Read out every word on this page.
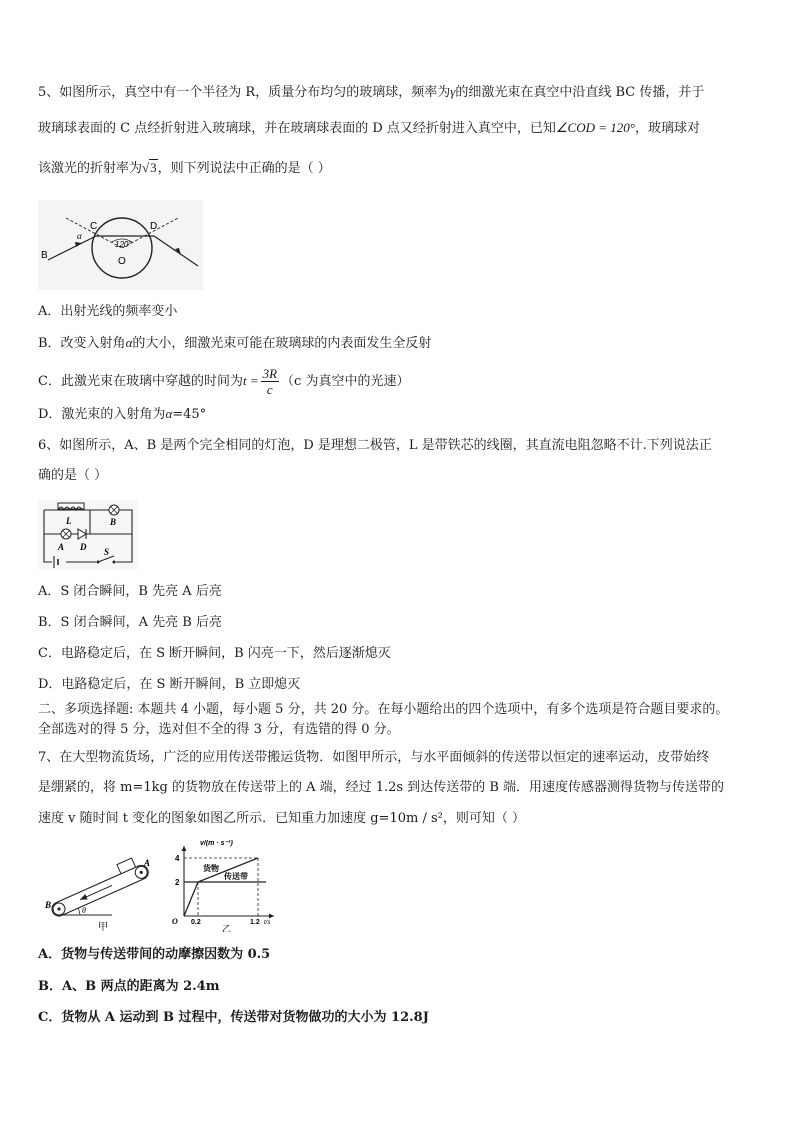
5、如图所示，真空中有一个半径为 R，质量分布均匀的玻璃球，频率为γ的细激光束在真空中沿直线 BC 传播，并于
玻璃球表面的 C 点经折射进入玻璃球，并在玻璃球表面的 D 点又经折射进入真空中，已知∠COD = 120°，玻璃球对
该激光的折射率为√3，则下列说法中正确的是（ ）
C	D
B
O
α
120°
A．出射光线的频率变小
B．改变入射角α的大小，细激光束可能在玻璃球的内表面发生全反射
C．此激光束在玻璃中穿越的时间为$t = \frac{3R}{c} (c$ 为真空中的光速）
D．激光束的入射角为α=45°
6、如图所示，A、B 是两个完全相同的灯泡，D 是理想二极管，L 是带铁芯的线圈，其直流电阻忽略不计.下列说法正
确的是（ ）
L	B
A D S
A．S 闭合瞬间，B 先亮 A 后亮
B．S 闭合瞬间，A 先亮 B 后亮
C．电路稳定后，在 S 断开瞬间，B 闪亮一下，然后逐渐熄灭
D．电路稳定后，在 S 断开瞬间，B 立即熄灭
二、多项选择题: 本题共 4 小题，每小题 5 分，共 20 分。在每小题给出的四个选项中，有多个选项是符合题目要求的。
全部选对的得 5 分，选对但不全的得 3 分，有选错的得 0 分。
7、在大型物流货场，广泛的应用传送带搬运货物．如图甲所示，与水平面倾斜的传送带以恒定的速率运动，皮带始终
是绷紧的，将 m=1kg 的货物放在传送带上的 A 端，经过 1.2s 到达传送带的 B 端．用速度传感器测得货物与传送带的
速度 v 随时间 t 变化的图象如图乙所示．已知重力加速度 g=10m / s²，则可知（ ）
A
B
θ
甲
v/(m · s⁻¹)
4
2
O 0.2	1.2 t/s
货物
传送带
乙
A．货物与传送带间的动摩擦因数为 0.5
B．A、B 两点的距离为 2.4m
C．货物从 A 运动到 B 过程中，传送带对货物做功的大小为 12.8J
